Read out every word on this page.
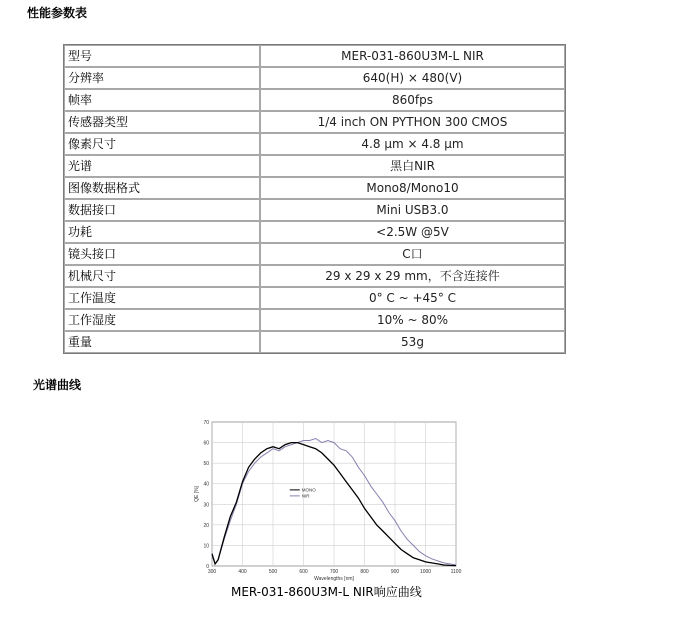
性能参数表
型号	MER-031-860U3M-L NIR
分辨率	640(H) × 480(V)
帧率	860fps
传感器类型	1/4 inch ON PYTHON 300 CMOS
像素尺寸	4.8 μm × 4.8 μm
光谱	黑白NIR
图像数据格式	Mono8/Mono10
数据接口	Mini USB3.0
功耗	<2.5W @5V
镜头接口	C口
机械尺寸	29 x 29 x 29 mm，不含连接件
工作温度	0° C ~ +45° C
工作湿度	10% ~ 80%
重量	53g
光谱曲线
0
10
20
30
40
50
60
70
300	400	500	600	700	800	900	1000	1100
Wavelengths [nm]
QE [%]	MONO
NIR
MER-031-860U3M-L NIR响应曲线
